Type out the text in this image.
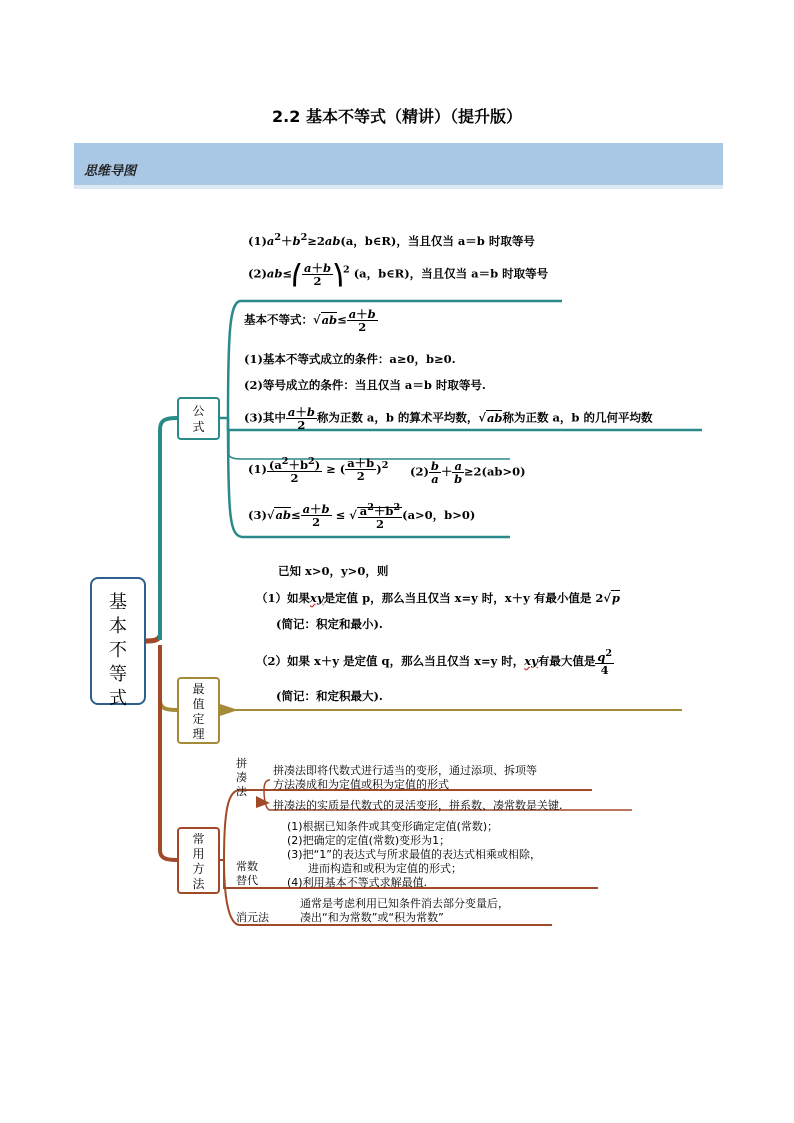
2.2 基本不等式（精讲）（提升版）
思维导图
基本不等式
公式
最值定理
常用方法
$(1)a^2+b^2\ge 2ab(a$，b∈R)，当且仅当 a＝b 时取等号
(2)ab≤⎛ $\frac{a+b}{2}$ ⎞$^2$ (a，b∈R)，当且仅当 a＝b 时取等号
基本不等式：$√ab\le \frac{a+b}{2}$
(1)基本不等式成立的条件：a≥0，b≥0.
(2)等号成立的条件：当且仅当 a＝b 时取等号.
(3)其中 $\frac{a+b}{2}$ 称为正数 a，b 的算术平均数，√ab称为正数 a，b 的几何平均数
$(1) \frac{(a^2+b^2)}{2}$ ≥ ( $\frac{a+b}{2} )^2$ $(2) \frac{b}{a} + \frac{a}{b} \ge 2(ab>0)$
$(3)√ab\le \frac{a+b}{2}$ ≤ √ $\frac{a^2+b^2}{2} (a>0$，b>0)
已知 x>0，y>0，则
（1）如果xy是定值 p，那么当且仅当 x=y 时，x＋y 有最小值是 2√p
(简记：积定和最小).
（2）如果 x＋y 是定值 q，那么当且仅当 x=y 时，xy有最大值是 $\frac{q^2}{4}$
(简记：和定积最大).
拼凑法
拼凑法即将代数式进行适当的变形，通过添项、拆项等
方法凑成和为定值或积为定值的形式
拼凑法的实质是代数式的灵活变形，拼系数、凑常数是关键.
(1)根据已知条件或其变形确定定值(常数)；
(2)把确定的定值(常数)变形为1；
(3)把“1”的表达式与所求最值的表达式相乘或相除，
进而构造和或积为定值的形式；
(4)利用基本不等式求解最值.
常数
替代
通常是考虑利用已知条件消去部分变量后，
凑出“和为常数”或“积为常数”
消元法
